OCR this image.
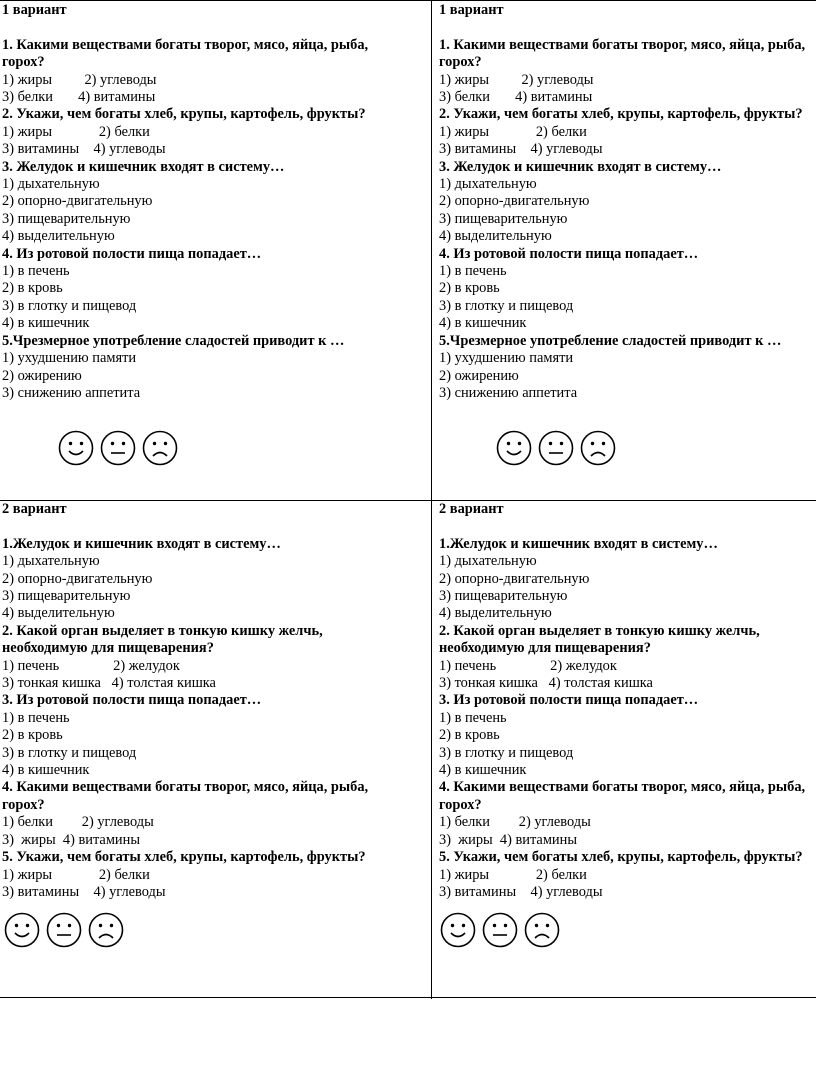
1 вариант
1. Какими веществами богаты творог, мясо, яйца, рыба,
горох?
1) жиры         2) углеводы
3) белки       4) витамины
2. Укажи, чем богаты хлеб, крупы, картофель, фрукты?
1) жиры             2) белки
3) витамины    4) углеводы
3. Желудок и кишечник входят в систему…
1) дыхательную
2) опорно-двигательную
3) пищеварительную
4) выделительную
4. Из ротовой полости пища попадает…
1) в печень
2) в кровь
3) в глотку и пищевод
4) в кишечник
5.Чрезмерное употребление сладостей приводит к …
1) ухудшению памяти
2) ожирению
3) снижению аппетита
1 вариант
1. Какими веществами богаты творог, мясо, яйца, рыба,
горох?
1) жиры         2) углеводы
3) белки       4) витамины
2. Укажи, чем богаты хлеб, крупы, картофель, фрукты?
1) жиры             2) белки
3) витамины    4) углеводы
3. Желудок и кишечник входят в систему…
1) дыхательную
2) опорно-двигательную
3) пищеварительную
4) выделительную
4. Из ротовой полости пища попадает…
1) в печень
2) в кровь
3) в глотку и пищевод
4) в кишечник
5.Чрезмерное употребление сладостей приводит к …
1) ухудшению памяти
2) ожирению
3) снижению аппетита
2 вариант
1.Желудок и кишечник входят в систему…
1) дыхательную
2) опорно-двигательную
3) пищеварительную
4) выделительную
2. Какой орган выделяет в тонкую кишку желчь,
необходимую для пищеварения?
1) печень               2) желудок
3) тонкая кишка   4) толстая кишка
3. Из ротовой полости пища попадает…
1) в печень
2) в кровь
3) в глотку и пищевод
4) в кишечник
4. Какими веществами богаты творог, мясо, яйца, рыба,
горох?
1) белки        2) углеводы
3)  жиры  4) витамины
5. Укажи, чем богаты хлеб, крупы, картофель, фрукты?
1) жиры             2) белки
3) витамины    4) углеводы
2 вариант
1.Желудок и кишечник входят в систему…
1) дыхательную
2) опорно-двигательную
3) пищеварительную
4) выделительную
2. Какой орган выделяет в тонкую кишку желчь,
необходимую для пищеварения?
1) печень               2) желудок
3) тонкая кишка   4) толстая кишка
3. Из ротовой полости пища попадает…
1) в печень
2) в кровь
3) в глотку и пищевод
4) в кишечник
4. Какими веществами богаты творог, мясо, яйца, рыба,
горох?
1) белки        2) углеводы
3)  жиры  4) витамины
5. Укажи, чем богаты хлеб, крупы, картофель, фрукты?
1) жиры             2) белки
3) витамины    4) углеводы
